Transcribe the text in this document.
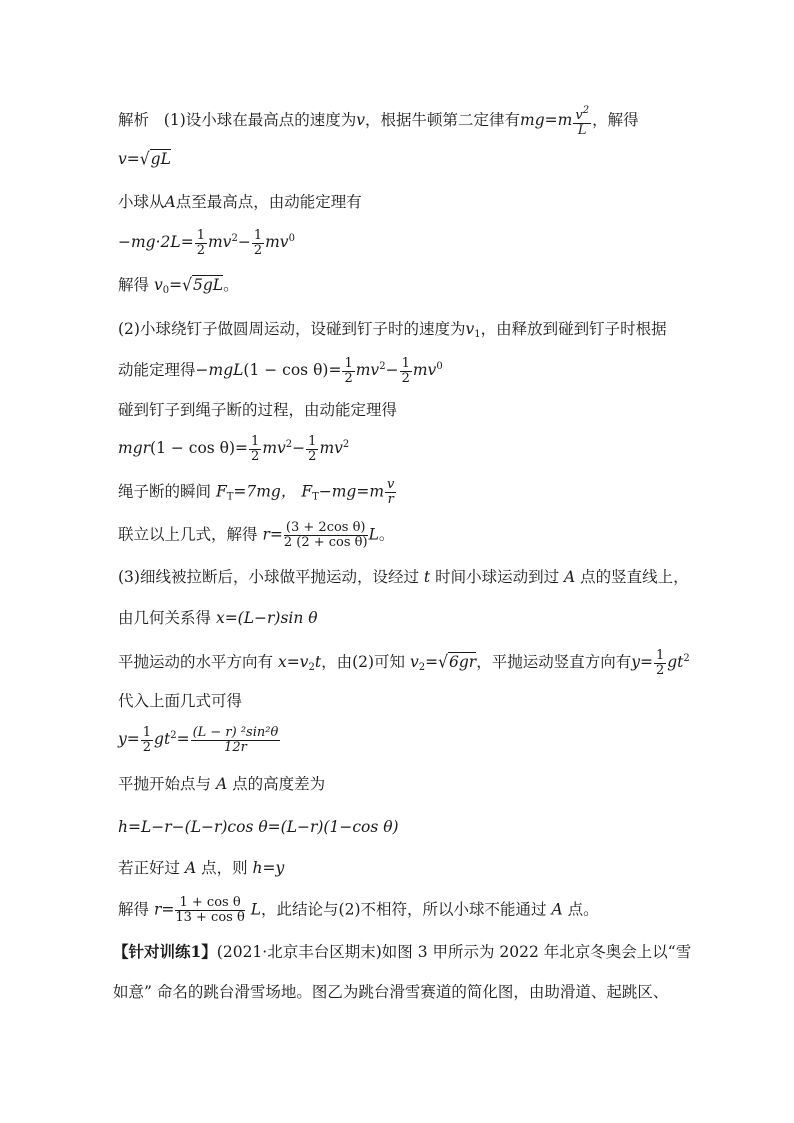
解析 (1)设小球在最高点的速度为v，根据牛顿第二定律有$mg=m \frac{v^2}{L}$ ，解得
v=√gL
小球从A点至最高点，由动能定理有
$-mg\cdot 2L= \frac{1}{2} mv^2- \frac{1}{2} mv^0$
解得 $v_0=√5gL$。
(2)小球绕钉子做圆周运动，设碰到钉子时的速度为$v_1$，由释放到碰到钉子时根据
动能定理得$-mgL(1 - \cos \theta)= \frac{1}{2} mv^2- \frac{1}{2} mv^0$
碰到钉子到绳子断的过程，由动能定理得
$mgr(1 - \cos \theta)= \frac{1}{2} mv^2- \frac{1}{2} mv^2$
绳子断的瞬间 $F_T=7mg$， $F_T-mg=m \frac{v}{r}$
联立以上几式，解得 $r= \frac{\text{(3 + 2cos θ)}}{\text{2 (2 + cos θ)}}$ L。
(3)细线被拉断后，小球做平抛运动，设经过 t 时间小球运动到过 A 点的竖直线上，
由几何关系得 x=(L−r)sin θ
平抛运动的水平方向有 $x=v_2t$，由(2)可知 $v_2=√6gr$，平抛运动竖直方向有$y= \frac{1}{2} gt^2$
代入上面几式可得
$y= \frac{1}{2} gt^2= \frac{\text{(L − r) ²sin²θ}}{12r}$
平抛开始点与 A 点的高度差为
h=L−r−(L−r)cos θ=(L−r)(1−cos θ)
若正好过 A 点，则 h=y
解得 $r= \frac{\text{1 + cos θ}}{\text{13 + cos θ}}$ L，此结论与(2)不相符，所以小球不能通过 A 点。
【针对训练1】(2021·北京丰台区期末)如图 3 甲所示为 2022 年北京冬奥会上以“雪
如意” 命名的跳台滑雪场地。图乙为跳台滑雪赛道的简化图，由助滑道、起跳区、
